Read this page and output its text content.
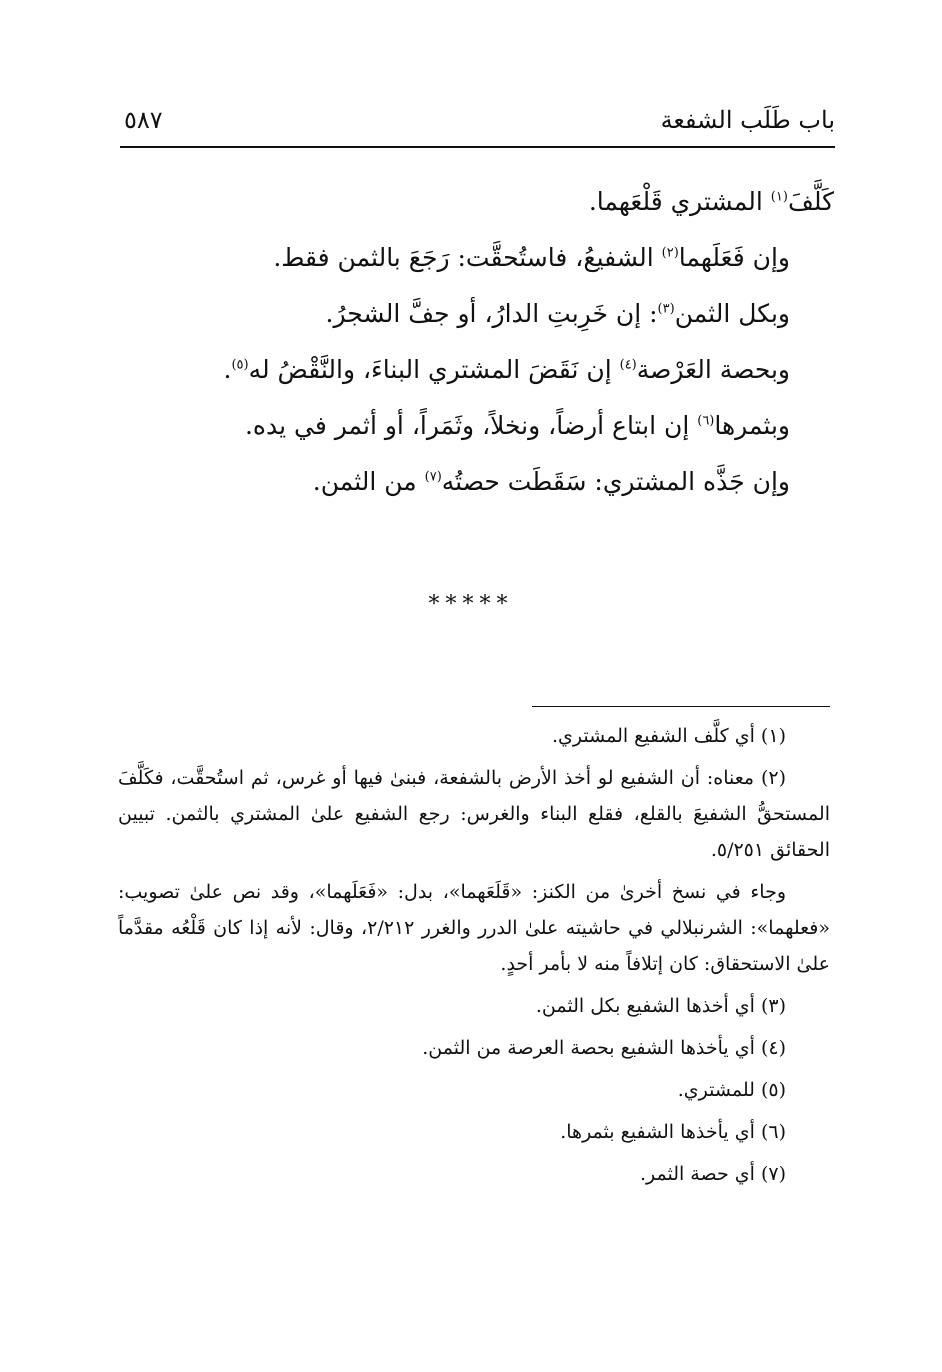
باب طَلَب الشفعة
٥٨٧
كَلَّفَ$^{(١)}$ المشتري قَلْعَهما.
وإن فَعَلَهما$^{(٢)}$ الشفيعُ، فاستُحقَّت: رَجَعَ بالثمن فقط.
وبكل الثمن$^{(٣)}$: إن خَرِبتِ الدارُ، أو جفَّ الشجرُ.
وبحصة العَرْصة$^{(٤)}$ إن نَقَضَ المشتري البناءَ، والنَّقْضُ له$^{(٥)}$.
وبثمرها$^{(٦)}$ إن ابتاع أرضاً، ونخلاً، وثَمَراً، أو أثمر في يده.
وإن جَذَّه المشتري: سَقَطَت حصتُه$^{(٧)}$ من الثمن.
*****
(١) أي كلَّف الشفيع المشتري.
(٢) معناه: أن الشفيع لو أخذ الأرض بالشفعة، فبنىٰ فيها أو غرس، ثم استُحقَّت، فكَلَّفَ المستحقُّ الشفيعَ بالقلع، فقلع البناء والغرس: رجع الشفيع علىٰ المشتري بالثمن. تبيين الحقائق ٥/٢٥١.
وجاء في نسخ أخرىٰ من الكنز: «قَلَعَهما»، بدل: «فَعَلَهما»، وقد نص علىٰ تصويب: «فعلهما»: الشرنبلالي في حاشيته علىٰ الدرر والغرر ٢/٢١٢، وقال: لأنه إذا كان قَلْعُه مقدَّماً علىٰ الاستحقاق: كان إتلافاً منه لا بأمر أحدٍ.
(٣) أي أخذها الشفيع بكل الثمن.
(٤) أي يأخذها الشفيع بحصة العرصة من الثمن.
(٥) للمشتري.
(٦) أي يأخذها الشفيع بثمرها.
(٧) أي حصة الثمر.
